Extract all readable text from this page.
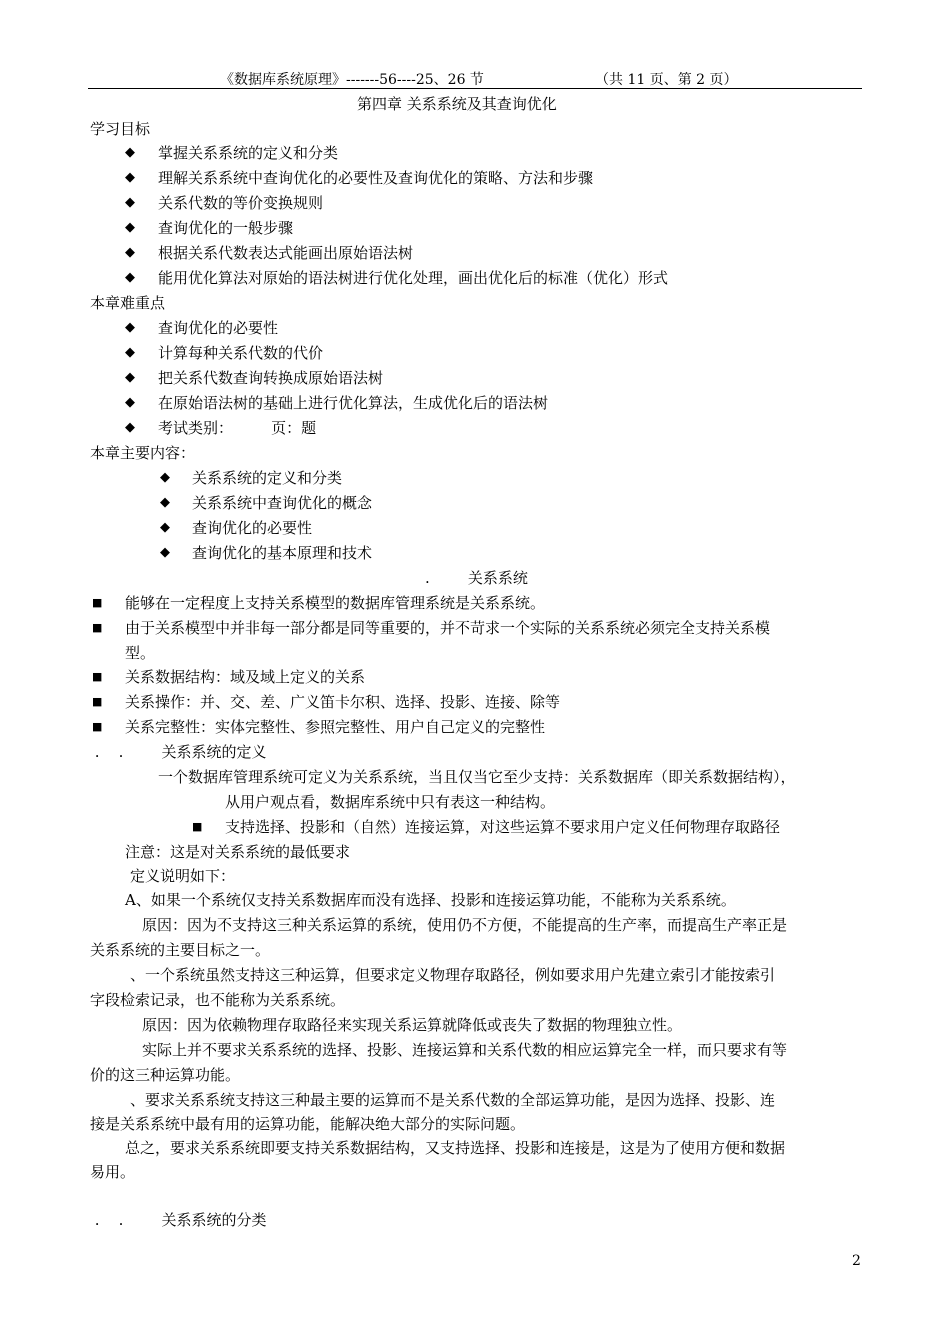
《数据库系统原理》-------56----25、26 节	（共 11 页、第 2 页）
第四章 关系系统及其查询优化
学习目标
◆ 掌握关系系统的定义和分类
◆ 理解关系系统中查询优化的必要性及查询优化的策略、方法和步骤
◆ 关系代数的等价变换规则
◆ 查询优化的一般步骤
◆ 根据关系代数表达式能画出原始语法树
◆ 能用优化算法对原始的语法树进行优化处理，画出优化后的标准（优化）形式
本章难重点
◆ 查询优化的必要性
◆ 计算每种关系代数的代价
◆ 把关系代数查询转换成原始语法树
◆ 在原始语法树的基础上进行优化算法，生成优化后的语法树
◆ 考试类别：        页：题
本章主要内容：
◆ 关系系统的定义和分类
◆ 关系系统中查询优化的概念
◆ 查询优化的必要性
◆ 查询优化的基本原理和技术
.        关系系统
■ 能够在一定程度上支持关系模型的数据库管理系统是关系系统。
■ 由于关系模型中并非每一部分都是同等重要的，并不苛求一个实际的关系系统必须完全支持关系模
型。
■ 关系数据结构：域及域上定义的关系
■ 关系操作：并、交、差、广义笛卡尔积、选择、投影、连接、除等
■ 关系完整性：实体完整性、参照完整性、用户自己定义的完整性
.    .        关系系统的定义
一个数据库管理系统可定义为关系系统，当且仅当它至少支持：关系数据库（即关系数据结构），
从用户观点看，数据库系统中只有表这一种结构。
■ 支持选择、投影和（自然）连接运算，对这些运算不要求用户定义任何物理存取路径
注意：这是对关系系统的最低要求
定义说明如下：
A、如果一个系统仅支持关系数据库而没有选择、投影和连接运算功能，不能称为关系系统。
原因：因为不支持这三种关系运算的系统，使用仍不方便，不能提高的生产率，而提高生产率正是
关系系统的主要目标之一。
、一个系统虽然支持这三种运算，但要求定义物理存取路径，例如要求用户先建立索引才能按索引
字段检索记录，也不能称为关系系统。
原因：因为依赖物理存取路径来实现关系运算就降低或丧失了数据的物理独立性。
实际上并不要求关系系统的选择、投影、连接运算和关系代数的相应运算完全一样，而只要求有等
价的这三种运算功能。
、要求关系系统支持这三种最主要的运算而不是关系代数的全部运算功能，是因为选择、投影、连
接是关系系统中最有用的运算功能，能解决绝大部分的实际问题。
总之，要求关系系统即要支持关系数据结构，又支持选择、投影和连接是，这是为了使用方便和数据
易用。
.    .        关系系统的分类
2
